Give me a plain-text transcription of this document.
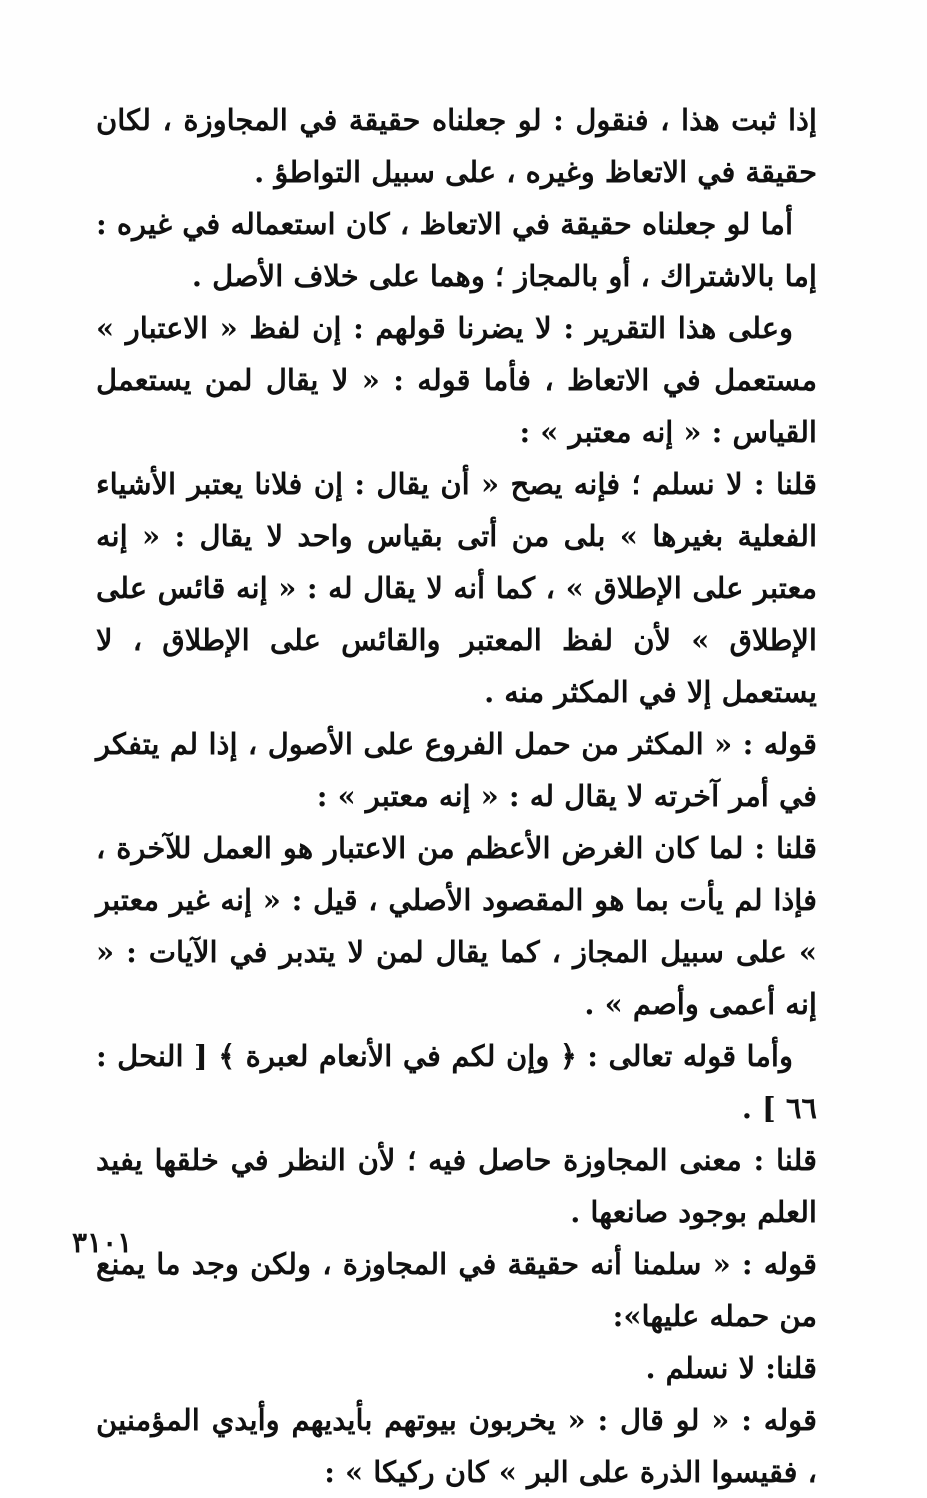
إذا ثبت هذا ، فنقول : لو جعلناه حقيقة في المجاوزة ، لكان حقيقة في الاتعاظ وغيره ، على سبيل التواطؤ .

أما لو جعلناه حقيقة في الاتعاظ ، كان استعماله في غيره : إما بالاشتراك ، أو بالمجاز ؛ وهما على خلاف الأصل .

وعلى هذا التقرير : لا يضرنا قولهم : إن لفظ « الاعتبار » مستعمل في الاتعاظ ، فأما قوله : « لا يقال لمن يستعمل القياس : « إنه معتبر » :

قلنا : لا نسلم ؛ فإنه يصح « أن يقال : إن فلانا يعتبر الأشياء الفعلية بغيرها » بلى من أتى بقياس واحد لا يقال : « إنه معتبر على الإطلاق » ، كما أنه لا يقال له : « إنه قائس على الإطلاق » لأن لفظ المعتبر والقائس على الإطلاق ، لا يستعمل إلا في المكثر منه .

قوله : « المكثر من حمل الفروع على الأصول ، إذا لم يتفكر في أمر آخرته لا يقال له : « إنه معتبر » :

قلنا : لما كان الغرض الأعظم من الاعتبار هو العمل للآخرة ، فإذا لم يأت بما هو المقصود الأصلي ، قيل : « إنه غير معتبر » على سبيل المجاز ، كما يقال لمن لا يتدبر في الآيات : « إنه أعمى وأصم » .

وأما قوله تعالى : ﴿ وإن لكم في الأنعام لعبرة ﴾ [ النحل : ٦٦ ] .

قلنا : معنى المجاوزة حاصل فيه ؛ لأن النظر في خلقها يفيد العلم بوجود صانعها .

قوله : « سلمنا أنه حقيقة في المجاوزة ، ولكن وجد ما يمنع من حمله عليها»:

قلنا: لا نسلم .

قوله : « لو قال : « يخربون بيوتهم بأيديهم وأيدي المؤمنين ، فقيسوا الذرة على البر » كان ركيكا » :

٣١٠١
